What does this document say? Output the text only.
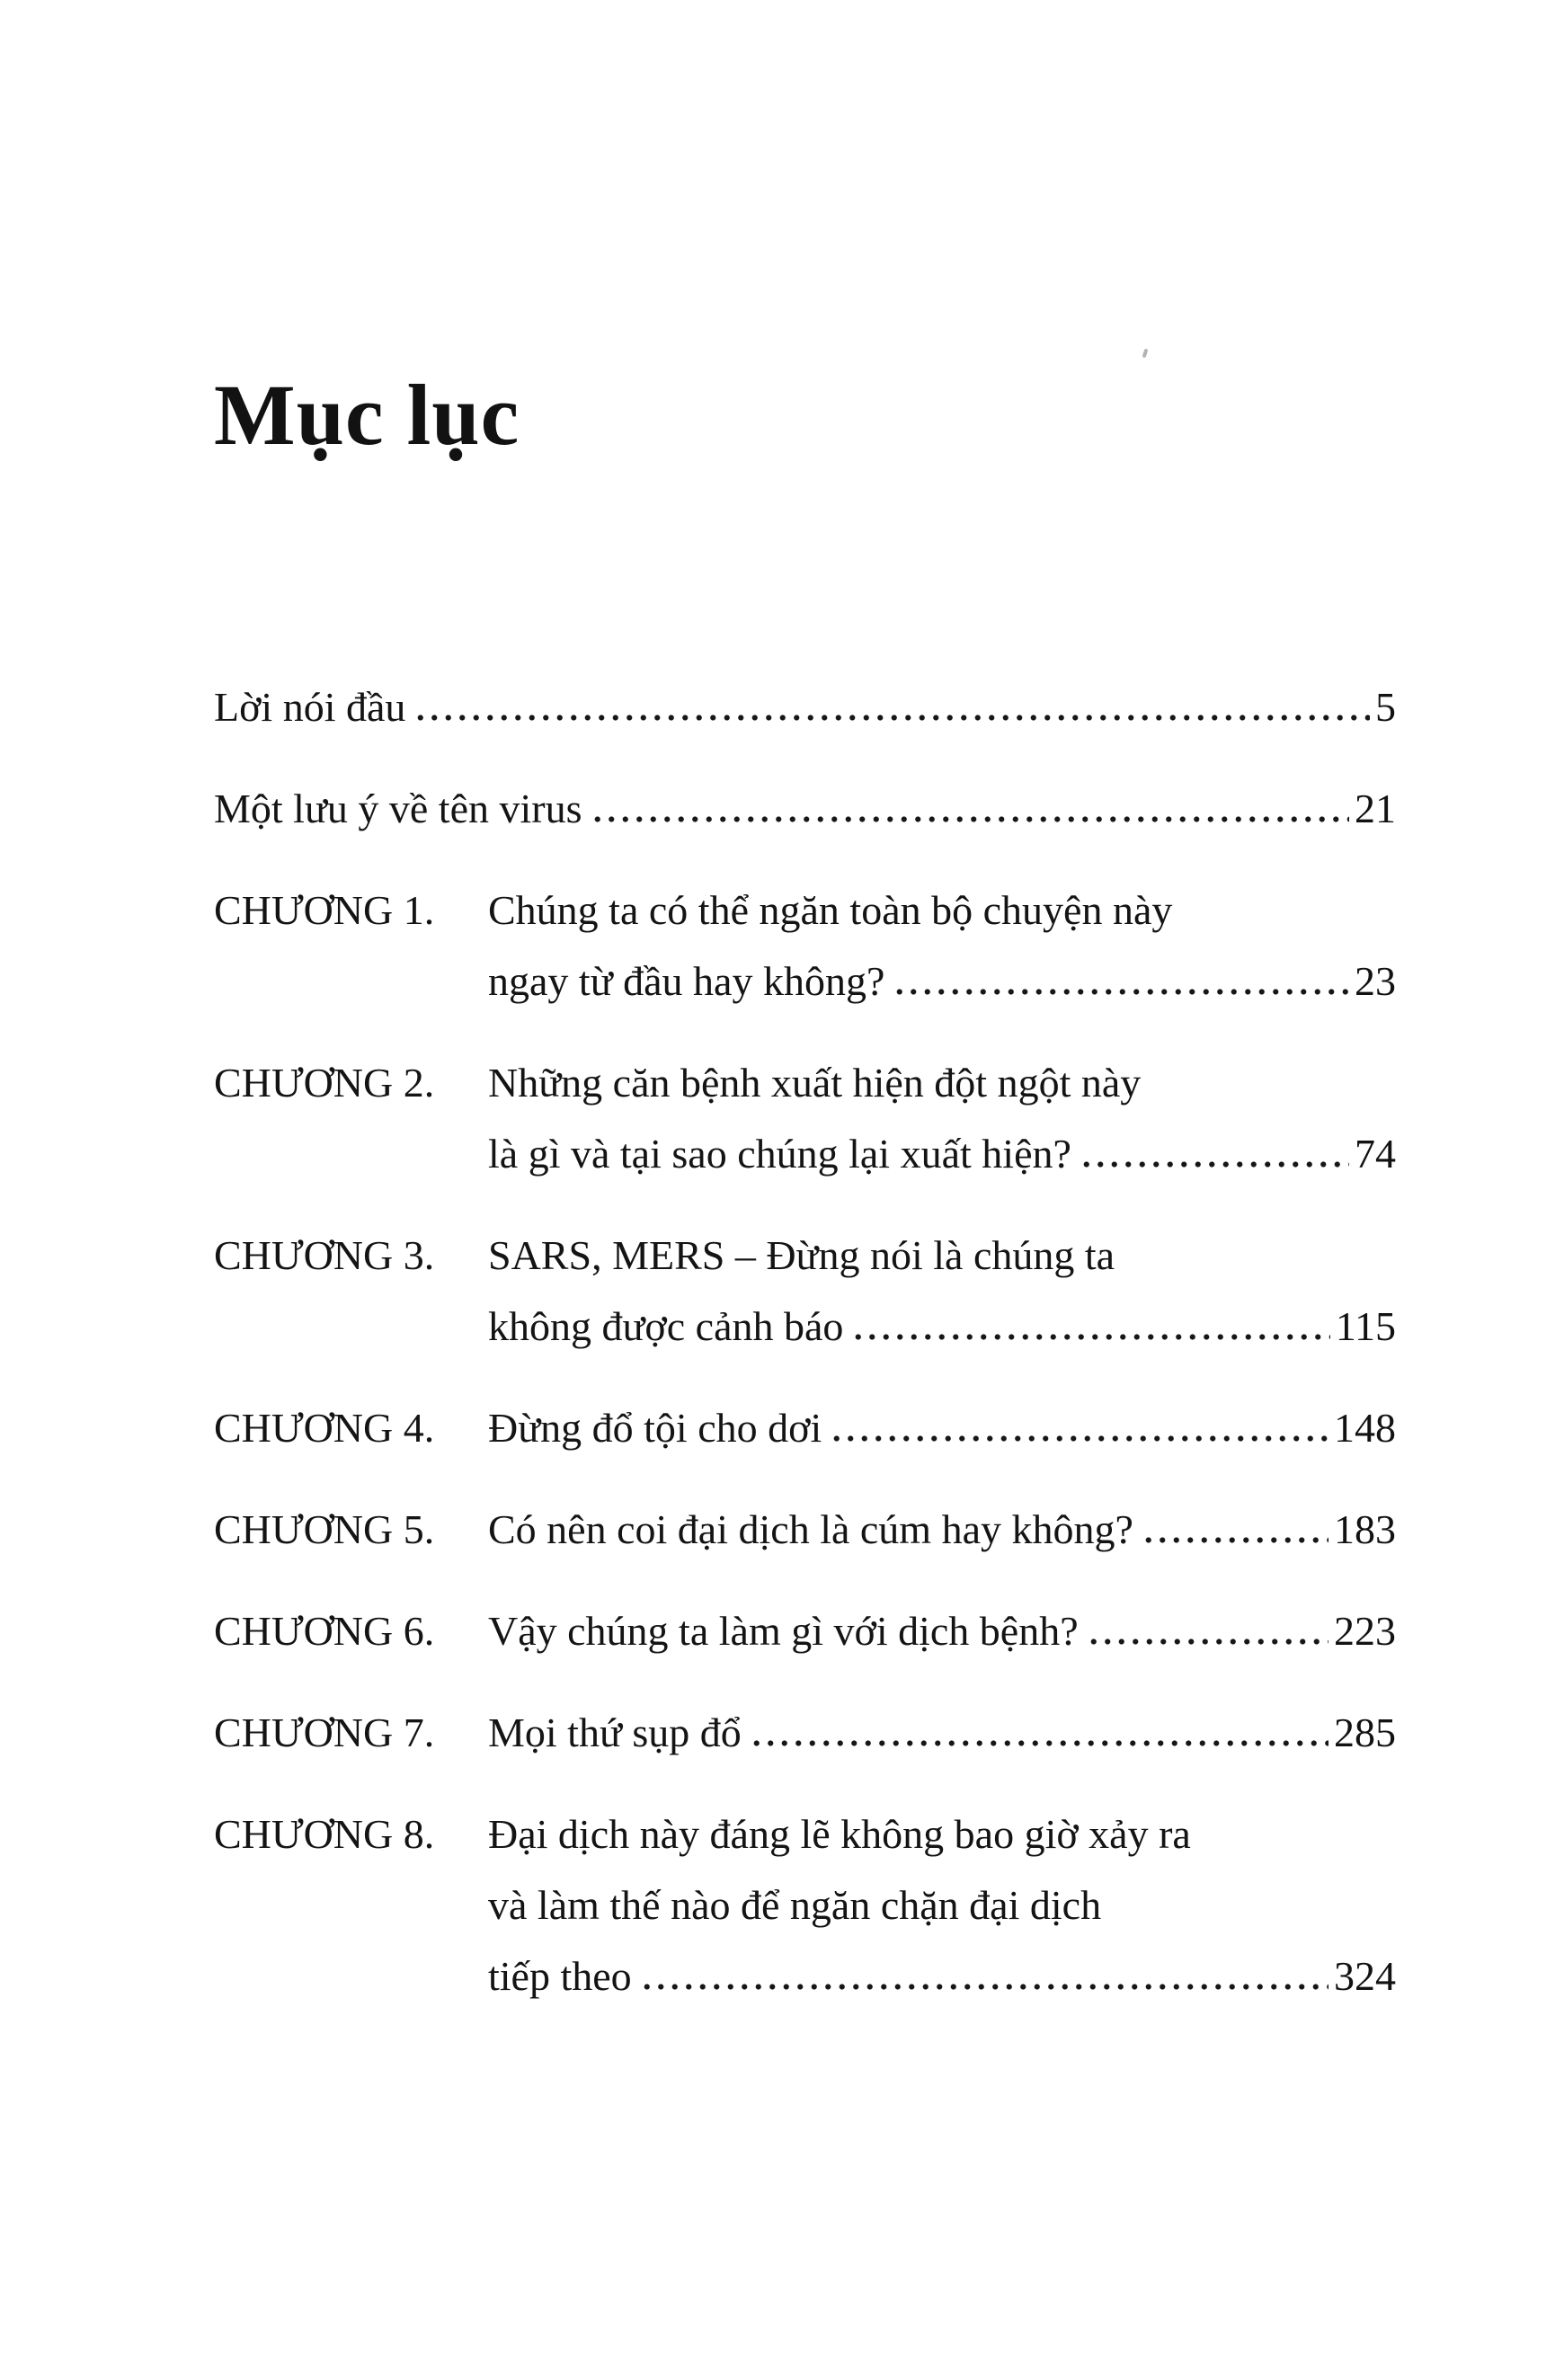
Mục lục
Lời nói đầu	5
Một lưu ý về tên virus	21
CHƯƠNG 1.	Chúng ta có thể ngăn toàn bộ chuyện này
ngay từ đầu hay không?	23
CHƯƠNG 2.	Những căn bệnh xuất hiện đột ngột này
là gì và tại sao chúng lại xuất hiện?	74
CHƯƠNG 3.	SARS, MERS – Đừng nói là chúng ta
không được cảnh báo	115
CHƯƠNG 4.	Đừng đổ tội cho dơi	148
CHƯƠNG 5.	Có nên coi đại dịch là cúm hay không?	183
CHƯƠNG 6.	Vậy chúng ta làm gì với dịch bệnh?	223
CHƯƠNG 7.	Mọi thứ sụp đổ	285
CHƯƠNG 8.	Đại dịch này đáng lẽ không bao giờ xảy ra
và làm thế nào để ngăn chặn đại dịch
tiếp theo	324
